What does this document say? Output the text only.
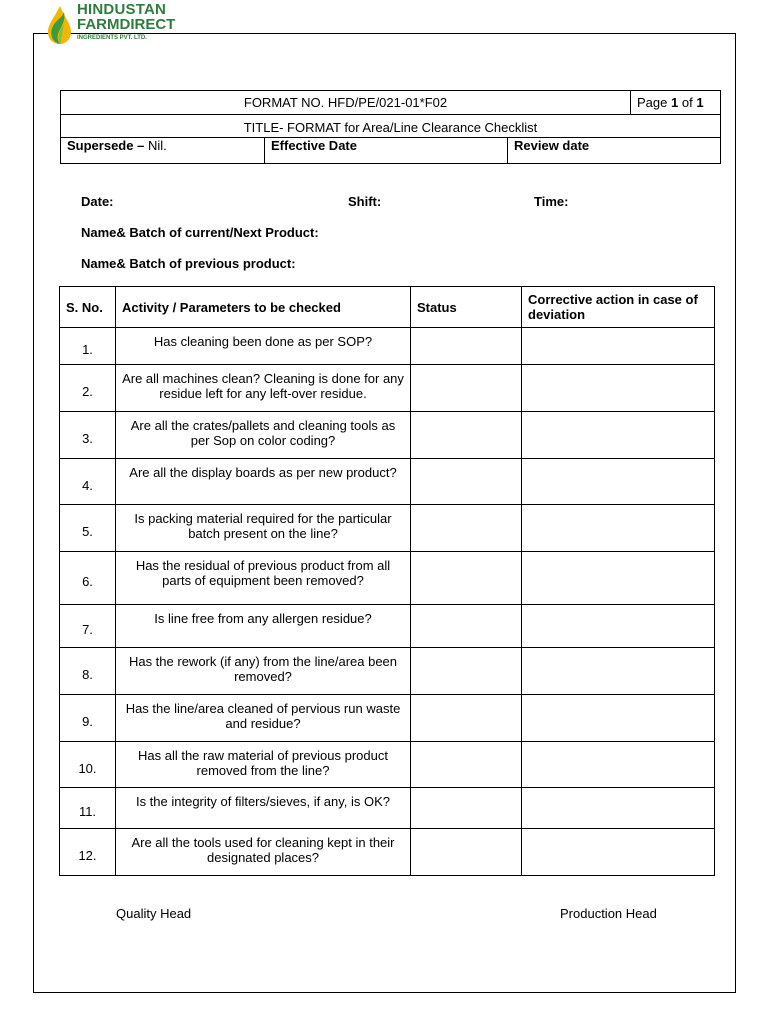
HINDUSTAN
FARMDIRECT
INGREDIENTS PVT. LTD.
FORMAT NO. HFD/PE/021-01*F02	Page 1 of 1
TITLE- FORMAT for Area/Line Clearance Checklist
Supersede – Nil.	Effective Date	Review date
Date:	Shift:	Time:
Name& Batch of current/Next Product:
Name& Batch of previous product:
S. No.	Activity / Parameters to be checked	Status	Corrective action in case of deviation
1.	Has cleaning been done as per SOP?		
2.	Are all machines clean? Cleaning is done for any residue left for any left-over residue.		
3.	Are all the crates/pallets and cleaning tools as per Sop on color coding?		
4.	Are all the display boards as per new product?		
5.	Is packing material required for the particular batch present on the line?		
6.	Has the residual of previous product from all parts of equipment been removed?		
7.	Is line free from any allergen residue?		
8.	Has the rework (if any) from the line/area been removed?		
9.	Has the line/area cleaned of pervious run waste and residue?		
10.	Has all the raw material of previous product removed from the line?		
11.	Is the integrity of filters/sieves, if any, is OK?		
12.	Are all the tools used for cleaning kept in their designated places?		
Quality Head	Production Head
